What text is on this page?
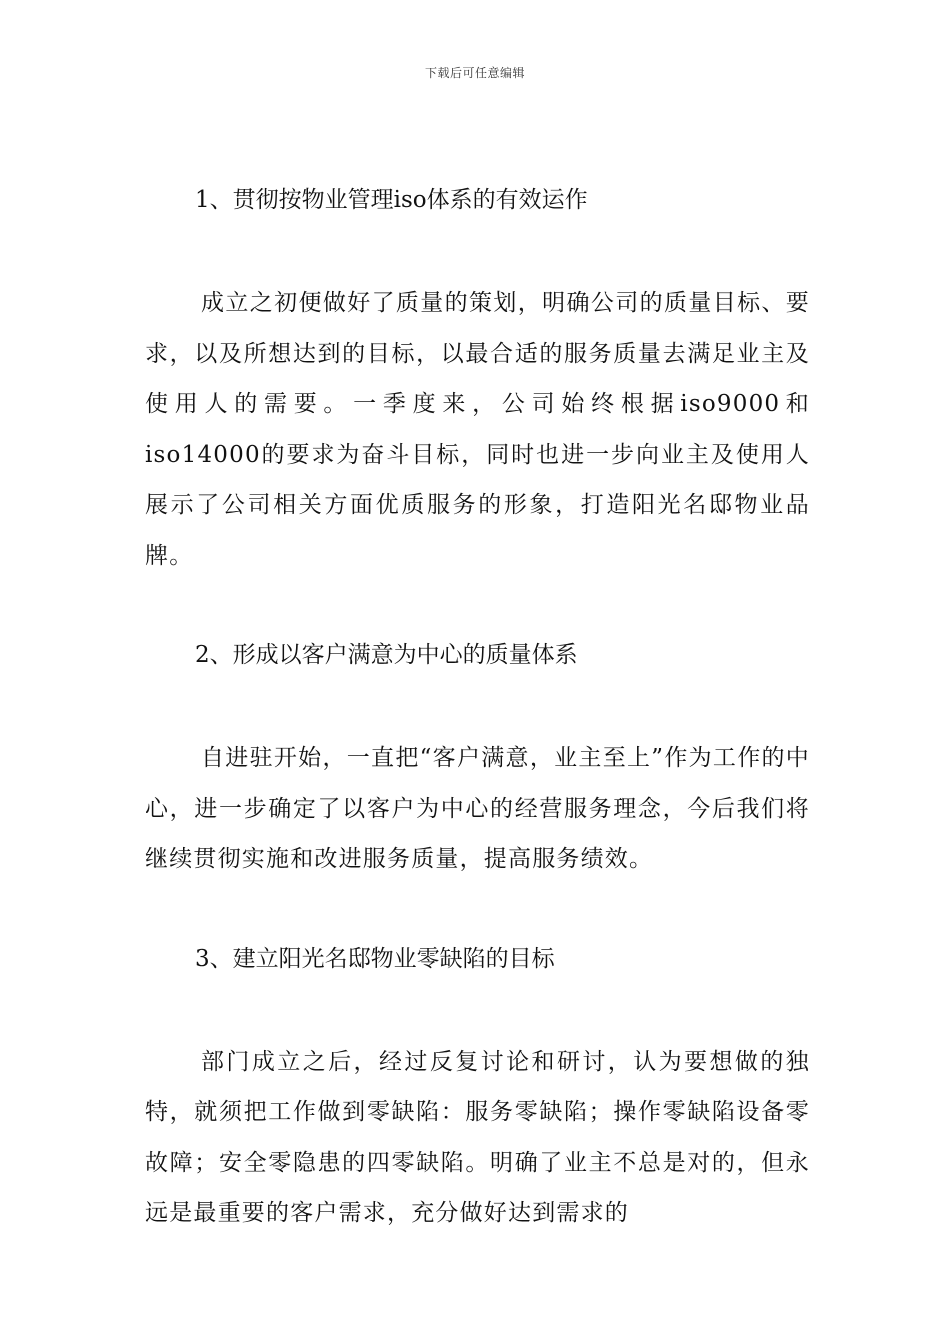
下载后可任意编辑
1、贯彻按物业管理iso体系的有效运作

成立之初便做好了质量的策划，明确公司的质量目标、要求，以及所想达到的目标，以最合适的服务质量去满足业主及使用人的需要。一季度来，公司始终根据iso9000和iso14000的要求为奋斗目标，同时也进一步向业主及使用人展示了公司相关方面优质服务的形象，打造阳光名邸物业品牌。

2、形成以客户满意为中心的质量体系

自进驻开始，一直把“客户满意，业主至上”作为工作的中心，进一步确定了以客户为中心的经营服务理念，今后我们将继续贯彻实施和改进服务质量，提高服务绩效。

3、建立阳光名邸物业零缺陷的目标

部门成立之后，经过反复讨论和研讨，认为要想做的独特，就须把工作做到零缺陷：服务零缺陷；操作零缺陷设备零故障；安全零隐患的四零缺陷。明确了业主不总是对的，但永远是最重要的客户需求，充分做好达到需求的
